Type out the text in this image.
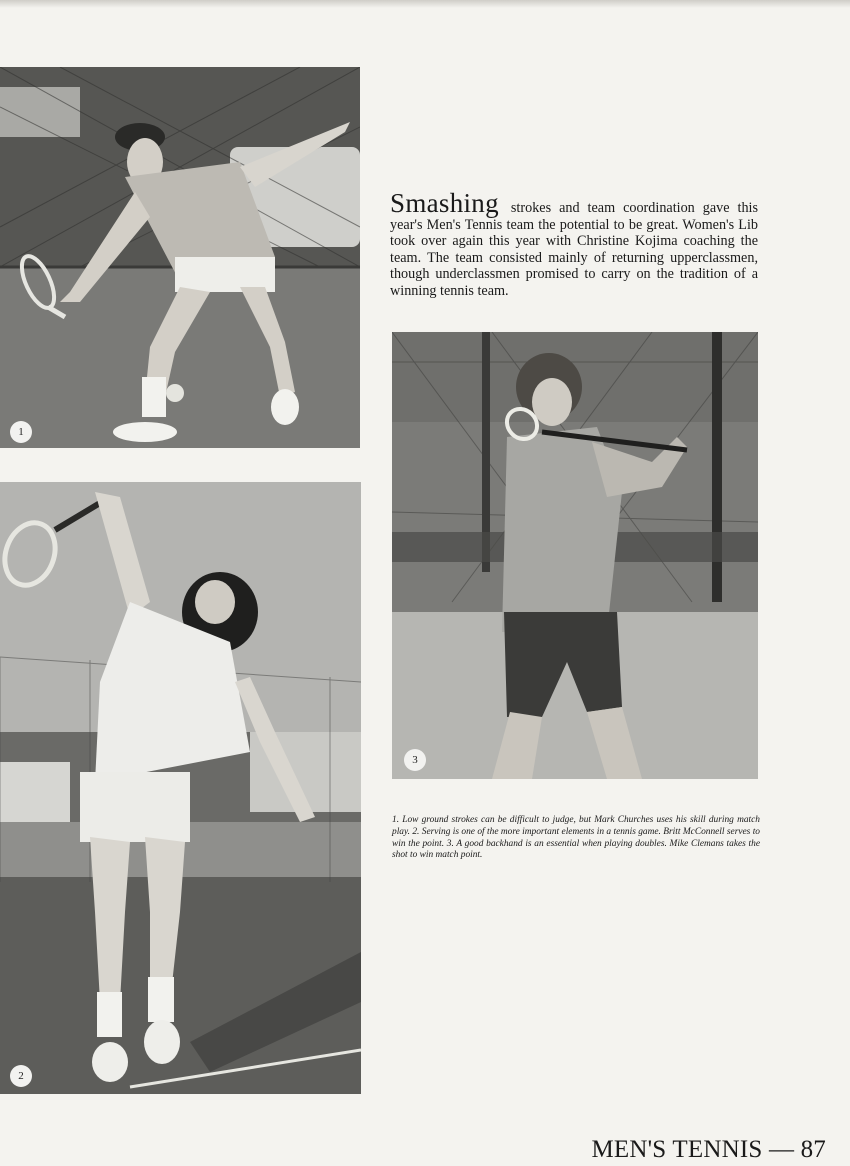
1
2
Smashing strokes and team coordination gave this year's Men's Tennis team the potential to be great. Women's Lib took over again this year with Christine Kojima coaching the team. The team consisted mainly of returning upperclassmen, though underclassmen promised to carry on the tradition of a winning tennis team.
3
1. Low ground strokes can be difficult to judge, but Mark Churches uses his skill during match play. 2. Serving is one of the more important elements in a tennis game. Britt McConnell serves to win the point. 3. A good backhand is an essential when playing doubles. Mike Clemans takes the shot to win match point.
MEN'S TENNIS — 87
